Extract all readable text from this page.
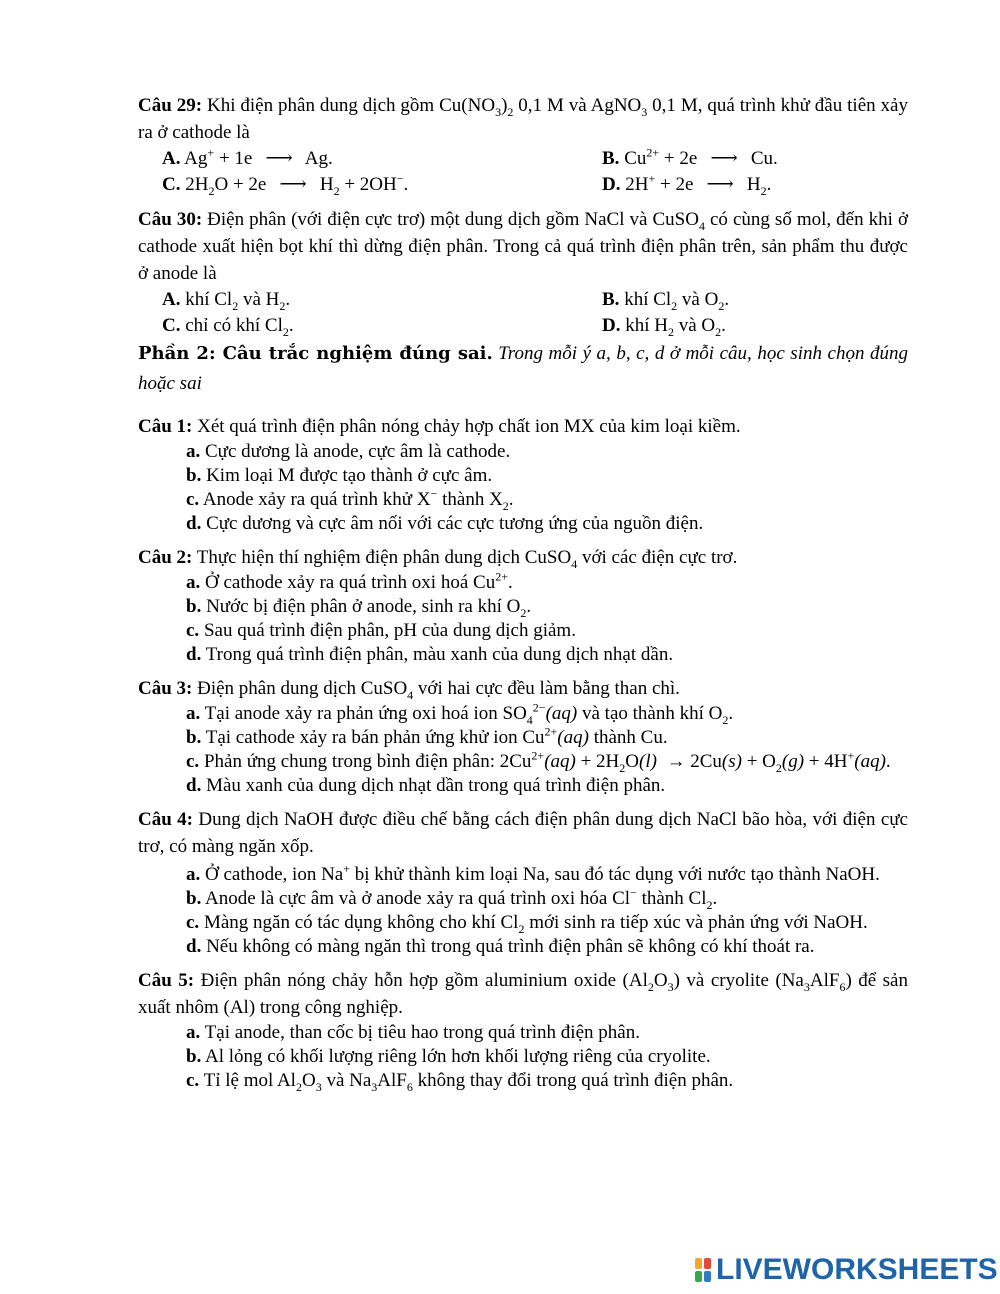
Câu 29: Khi điện phân dung dịch gồm $Cu(NO_3)_2$ 0,1 M và AgNO$_3$ 0,1 M, quá trình khử đầu tiên xảy ra ở cathode là
A. Ag+ + 1e ⟶ Ag.	B. $Cu^{2+} + 2e$ ⟶ Cu.
C. $2H_2O + 2e$ ⟶ $H_2 + 2OH^-$.	D. 2H+ + 2e ⟶ $H_2$.
Câu 30: Điện phân (với điện cực trơ) một dung dịch gồm NaCl và CuSO$_4$ có cùng số mol, đến khi ở cathode xuất hiện bọt khí thì dừng điện phân. Trong cả quá trình điện phân trên, sản phẩm thu được ở anode là
A. khí $Cl_2$ và $H_2$.	B. khí $Cl_2$ và $O_2$.
C. chỉ có khí $Cl_2$.	D. khí $H_2$ và $O_2$.
Phần 2: Câu trắc nghiệm đúng sai. Trong mỗi ý a, b, c, d ở mỗi câu, học sinh chọn đúng hoặc sai
Câu 1: Xét quá trình điện phân nóng chảy hợp chất ion MX của kim loại kiềm.
a. Cực dương là anode, cực âm là cathode.
b. Kim loại M được tạo thành ở cực âm.
c. Anode xảy ra quá trình khử X− thành $X_2$.
d. Cực dương và cực âm nối với các cực tương ứng của nguồn điện.
Câu 2: Thực hiện thí nghiệm điện phân dung dịch CuSO$_4$ với các điện cực trơ.
a. Ở cathode xảy ra quá trình oxi hoá $Cu^{2+}$.
b. Nước bị điện phân ở anode, sinh ra khí $O_2$.
c. Sau quá trình điện phân, pH của dung dịch giảm.
d. Trong quá trình điện phân, màu xanh của dung dịch nhạt dần.
Câu 3: Điện phân dung dịch CuSO$_4$ với hai cực đều làm bằng than chì.
a. Tại anode xảy ra phản ứng oxi hoá ion $SO_4^{2-}(aq)$ và tạo thành khí $O_2$.
b. Tại cathode xảy ra bán phản ứng khử ion $Cu^{2+}(aq)$ thành Cu.
c. Phản ứng chung trong bình điện phân: $2Cu^{2+}(aq) + 2H_2O(l) \to 2Cu(s) + O_2(g) + 4H^+(aq)$.
d. Màu xanh của dung dịch nhạt dần trong quá trình điện phân.
Câu 4: Dung dịch NaOH được điều chế bằng cách điện phân dung dịch NaCl bão hòa, với điện cực trơ, có màng ngăn xốp.
a. Ở cathode, ion Na+ bị khử thành kim loại Na, sau đó tác dụng với nước tạo thành NaOH.
b. Anode là cực âm và ở anode xảy ra quá trình oxi hóa Cl− thành $Cl_2$.
c. Màng ngăn có tác dụng không cho khí $Cl_2$ mới sinh ra tiếp xúc và phản ứng với NaOH.
d. Nếu không có màng ngăn thì trong quá trình điện phân sẽ không có khí thoát ra.
Câu 5: Điện phân nóng chảy hỗn hợp gồm aluminium oxide $(Al_2O_3)$ và cryolite $(Na_3AlF_6)$ để sản xuất nhôm (Al) trong công nghiệp.
a. Tại anode, than cốc bị tiêu hao trong quá trình điện phân.
b. Al lỏng có khối lượng riêng lớn hơn khối lượng riêng của cryolite.
c. Tỉ lệ mol $Al_2O_3$ và $Na_3AlF_6$ không thay đổi trong quá trình điện phân.
LIVEWORKSHEETS
